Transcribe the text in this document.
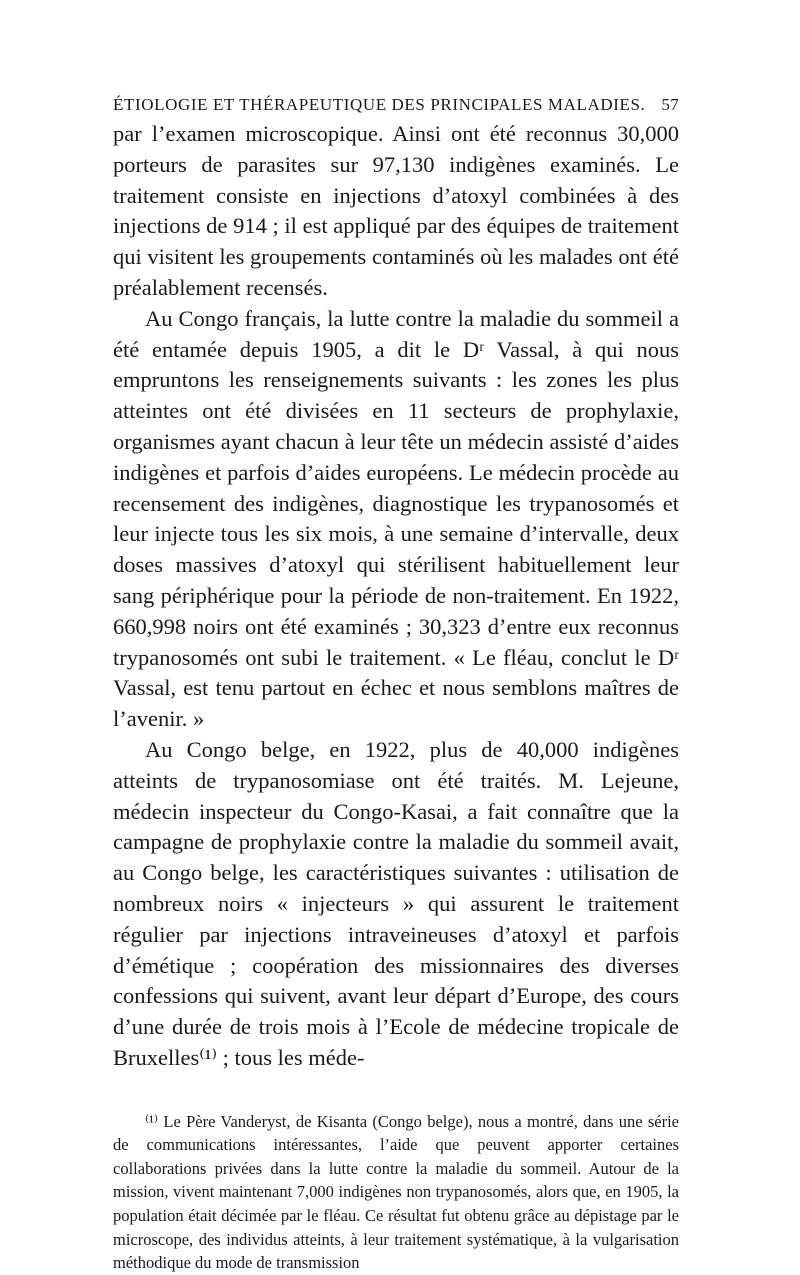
ÉTIOLOGIE ET THÉRAPEUTIQUE DES PRINCIPALES MALADIES. 57

par l’examen microscopique. Ainsi ont été reconnus 30,000 porteurs de parasites sur 97,130 indigènes examinés. Le traitement consiste en injections d’atoxyl combinées à des injections de 914 ; il est appliqué par des équipes de traitement qui visitent les groupements contaminés où les malades ont été préalablement recensés.

Au Congo français, la lutte contre la maladie du sommeil a été entamée depuis 1905, a dit le Dʳ Vassal, à qui nous empruntons les renseignements suivants : les zones les plus atteintes ont été divisées en 11 secteurs de prophylaxie, organismes ayant chacun à leur tête un médecin assisté d’aides indigènes et parfois d’aides européens. Le médecin procède au recensement des indigènes, diagnostique les trypanosomés et leur injecte tous les six mois, à une semaine d’intervalle, deux doses massives d’atoxyl qui stérilisent habituellement leur sang périphérique pour la période de non-traitement. En 1922, 660,998 noirs ont été examinés ; 30,323 d’entre eux reconnus trypanosomés ont subi le traitement. « Le fléau, conclut le Dʳ Vassal, est tenu partout en échec et nous semblons maîtres de l’avenir. »

Au Congo belge, en 1922, plus de 40,000 indigènes atteints de trypanosomiase ont été traités. M. Lejeune, médecin inspecteur du Congo-Kasai, a fait connaître que la campagne de prophylaxie contre la maladie du sommeil avait, au Congo belge, les caractéristiques suivantes : utilisation de nombreux noirs « injecteurs » qui assurent le traitement régulier par injections intraveineuses d’atoxyl et parfois d’émétique ; coopération des missionnaires des diverses confessions qui suivent, avant leur départ d’Europe, des cours d’une durée de trois mois à l’Ecole de médecine tropicale de Bruxelles⁽¹⁾ ; tous les méde-

⁽¹⁾ Le Père Vanderyst, de Kisanta (Congo belge), nous a montré, dans une série de communications intéressantes, l’aide que peuvent apporter certaines collaborations privées dans la lutte contre la maladie du sommeil. Autour de la mission, vivent maintenant 7,000 indigènes non trypanosomés, alors que, en 1905, la population était décimée par le fléau. Ce résultat fut obtenu grâce au dépistage par le microscope, des individus atteints, à leur traitement systématique, à la vulgarisation méthodique du mode de transmission
